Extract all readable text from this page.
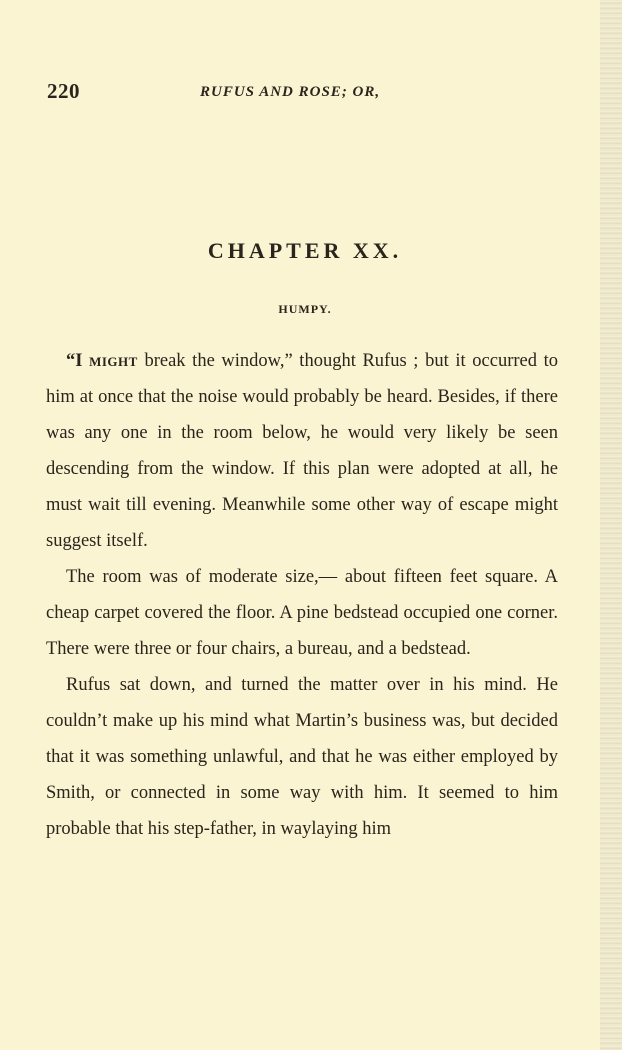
220	RUFUS AND ROSE; OR,
CHAPTER XX.
HUMPY.

“I might break the window,” thought Rufus ; but it occurred to him at once that the noise would probably be heard. Besides, if there was any one in the room below, he would very likely be seen descending from the window. If this plan were adopted at all, he must wait till evening. Meanwhile some other way of escape might suggest itself.

The room was of moderate size,— about fifteen feet square. A cheap carpet covered the floor. A pine bedstead occupied one corner. There were three or four chairs, a bureau, and a bedstead.

Rufus sat down, and turned the matter over in his mind. He couldn’t make up his mind what Martin’s business was, but decided that it was something unlawful, and that he was either employed by Smith, or connected in some way with him. It seemed to him probable that his step-father, in waylaying him
